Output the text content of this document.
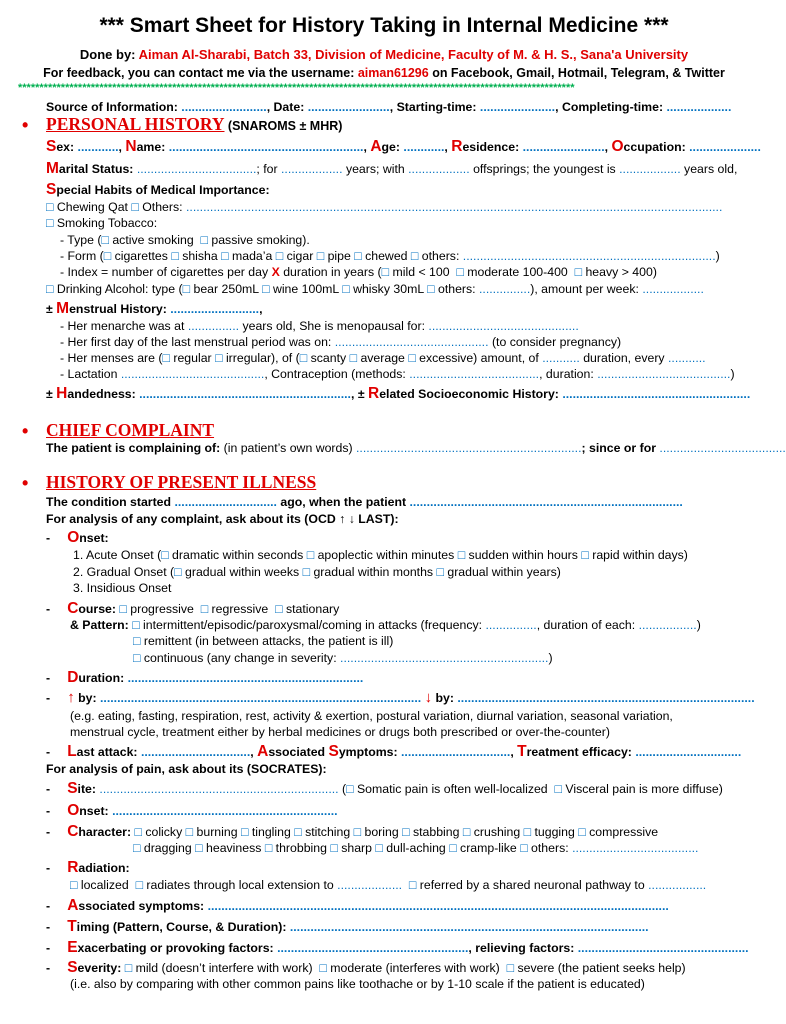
*** Smart Sheet for History Taking in Internal Medicine ***
Done by: Aiman Al-Sharabi, Batch 33, Division of Medicine, Faculty of M. & H. S., Sana'a University
For feedback, you can contact me via the username: aiman61296 on Facebook, Gmail, Hotmail, Telegram, & Twitter
**********************************************************************************************************************************
Source of Information: ........................., Date: ........................, Starting-time: ......................, Completing-time: ...................
• PERSONAL HISTORY (SNAROMS ± MHR)
Sex: ............, Name: ........................................................., Age: ............, Residence: ........................, Occupation: .....................
Marital Status: ...................................; for .................. years; with .................. offsprings; the youngest is .................. years old,
Special Habits of Medical Importance:
□ Chewing Qat □ Others: .............................................................................................................................................................
□ Smoking Tobacco:
- Type (□ active smoking □ passive smoking).
- Form (□ cigarettes □ shisha □ mada’a □ cigar □ pipe □ chewed □ others: ..........................................................................)
- Index = number of cigarettes per day X duration in years (□ mild < 100 □ moderate 100-400 □ heavy > 400)
□ Drinking Alcohol: type (□ bear 250mL □ wine 100mL □ whisky 30mL □ others: ...............), amount per week: ..................
± Menstrual History: ..........................,
- Her menarche was at ............... years old, She is menopausal for: ............................................
- Her first day of the last menstrual period was on: ............................................. (to consider pregnancy)
- Her menses are (□ regular □ irregular), of (□ scanty □ average □ excessive) amount, of ........... duration, every ...........
- Lactation .........................................., Contraception (methods: ......................................, duration: .......................................)
± Handedness: .............................................................., ± Related Socioeconomic History: .......................................................
• CHIEF COMPLAINT
The patient is complaining of: (in patient’s own words) ..................................................................; since or for .....................................
• HISTORY OF PRESENT ILLNESS
The condition started .............................. ago, when the patient ................................................................................
For analysis of any complaint, ask about its (OCD ↑ ↓ LAST):
- Onset:
1. Acute Onset (□ dramatic within seconds □ apoplectic within minutes □ sudden within hours □ rapid within days)
2. Gradual Onset (□ gradual within weeks □ gradual within months □ gradual within years)
3. Insidious Onset
- Course: □ progressive □ regressive □ stationary
& Pattern: □ intermittent/episodic/paroxysmal/coming in attacks (frequency: ..............., duration of each: .................)
□ remittent (in between attacks, the patient is ill)
□ continuous (any change in severity: .............................................................)
- Duration: .....................................................................
- ↑ by: .............................................................................................. ↓ by: .......................................................................................
(e.g. eating, fasting, respiration, rest, activity & exertion, postural variation, diurnal variation, seasonal variation,
menstrual cycle, treatment either by herbal medicines or drugs both prescribed or over-the-counter)
- Last attack: ................................, Associated Symptoms: ................................, Treatment efficacy: ...............................
For analysis of pain, ask about its (SOCRATES):
- Site: ...................................................................... (□ Somatic pain is often well-localized □ Visceral pain is more diffuse)
- Onset: ..................................................................
- Character: □ colicky □ burning □ tingling □ stitching □ boring □ stabbing □ crushing □ tugging □ compressive
□ dragging □ heaviness □ throbbing □ sharp □ dull-aching □ cramp-like □ others: .....................................
- Radiation:
□ localized □ radiates through local extension to ................... □ referred by a shared neuronal pathway to .................
- Associated symptoms: .......................................................................................................................................
- Timing (Pattern, Course, & Duration): .........................................................................................................
- Exacerbating or provoking factors: ........................................................, relieving factors: ..................................................
- Severity: □ mild (doesn’t interfere with work) □ moderate (interferes with work) □ severe (the patient seeks help)
(i.e. also by comparing with other common pains like toothache or by 1-10 scale if the patient is educated)
